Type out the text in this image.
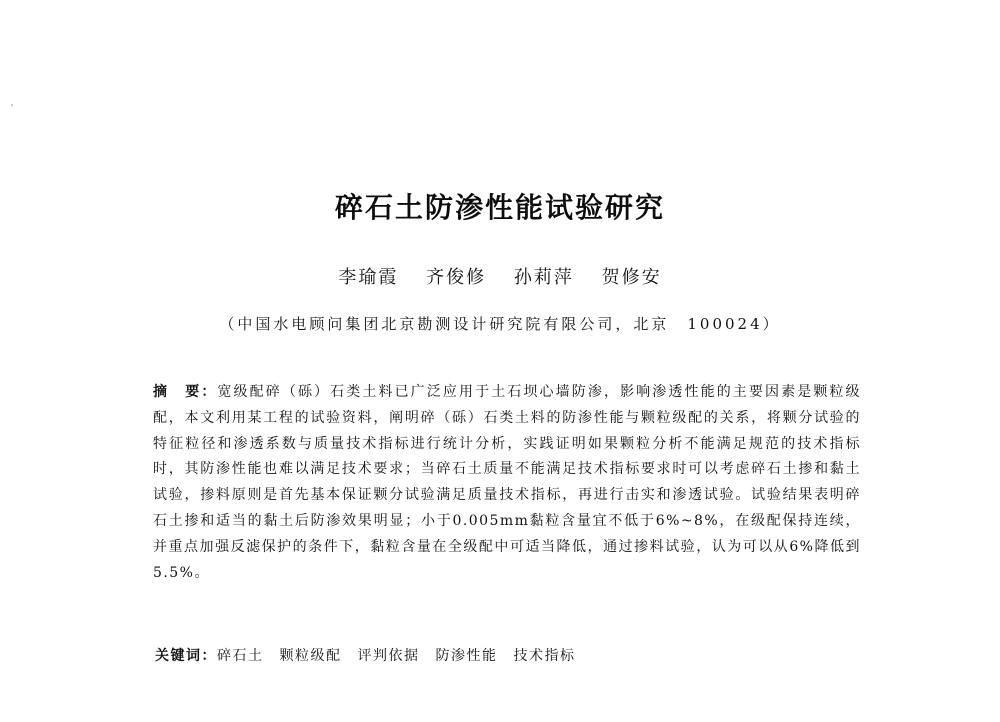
碎石土防渗性能试验研究
李瑜霞 齐俊修 孙莉萍 贺修安
（中国水电顾问集团北京勘测设计研究院有限公司，北京　100024）
摘　要：宽级配碎（砾）石类土料已广泛应用于土石坝心墙防渗，影响渗透性能的主要因素是颗粒级配，本文利用某工程的试验资料，阐明碎（砾）石类土料的防渗性能与颗粒级配的关系，将颗分试验的特征粒径和渗透系数与质量技术指标进行统计分析，实践证明如果颗粒分析不能满足规范的技术指标时，其防渗性能也难以满足技术要求；当碎石土质量不能满足技术指标要求时可以考虑碎石土掺和黏土试验，掺料原则是首先基本保证颗分试验满足质量技术指标，再进行击实和渗透试验。试验结果表明碎石土掺和适当的黏土后防渗效果明显；小于0.005mm黏粒含量宜不低于6%~8%，在级配保持连续，并重点加强反滤保护的条件下，黏粒含量在全级配中可适当降低，通过掺料试验，认为可以从6%降低到5.5%。
关键词：碎石土 颗粒级配 评判依据 防渗性能 技术指标
